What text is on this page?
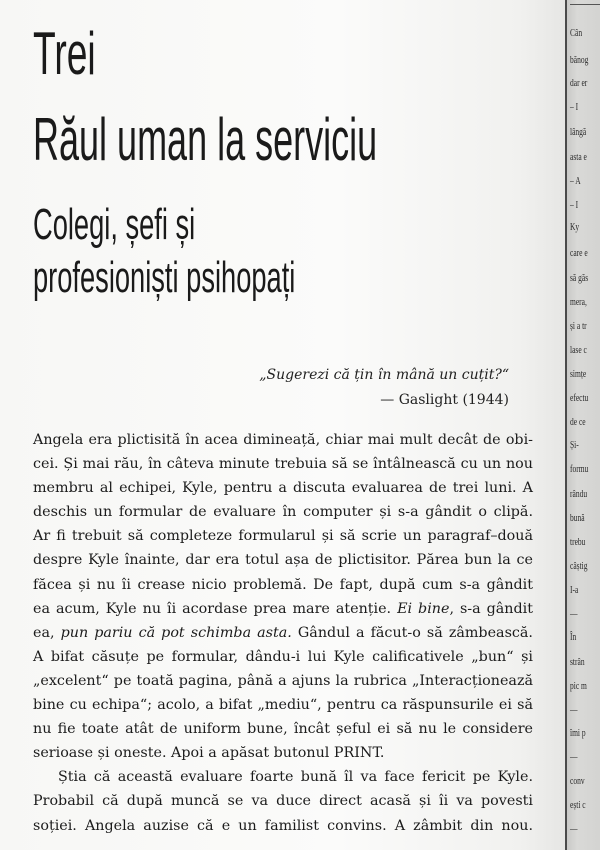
Trei
Răul uman la serviciu
Colegi, șefi și
profesioniști psihopați
„Sugerezi că țin în mână un cuțit?“
— Gaslight (1944)

Angela era plictisită în acea dimineață, chiar mai mult decât de obi-
cei. Și mai rău, în câteva minute trebuia să se întâlnească cu un nou
membru al echipei, Kyle, pentru a discuta evaluarea de trei luni. A
deschis un formular de evaluare în computer și s-a gândit o clipă.
Ar fi trebuit să completeze formularul și să scrie un paragraf–două
despre Kyle înainte, dar era totul așa de plictisitor. Părea bun la ce
făcea și nu îi crease nicio problemă. De fapt, după cum s-a gândit
ea acum, Kyle nu îi acordase prea mare atenție. Ei bine, s-a gândit
ea, pun pariu că pot schimba asta. Gândul a făcut-o să zâmbească.
A bifat căsuțe pe formular, dându-i lui Kyle calificativele „bun“ și
„excelent“ pe toată pagina, până a ajuns la rubrica „Interacționează
bine cu echipa“; acolo, a bifat „mediu“, pentru ca răspunsurile ei să
nu fie toate atât de uniform bune, încât șeful ei să nu le considere
serioase și oneste. Apoi a apăsat butonul PRINT.

Știa că această evaluare foarte bună îl va face fericit pe Kyle.
Probabil că după muncă se va duce direct acasă și îi va povesti
soției. Angela auzise că e un familist convins. A zâmbit din nou.

Cân
bănog
dar er
– I
lângă
asta e
– A
– I
Ky
care e
să găs
mera,
și a tr
lase c
simțe
efectu
de ce
Și-
formu
rându
bună
trebu
câștig
I-a
—
În
strân
pic m
—
îmi p
—
conv
ești c
—
